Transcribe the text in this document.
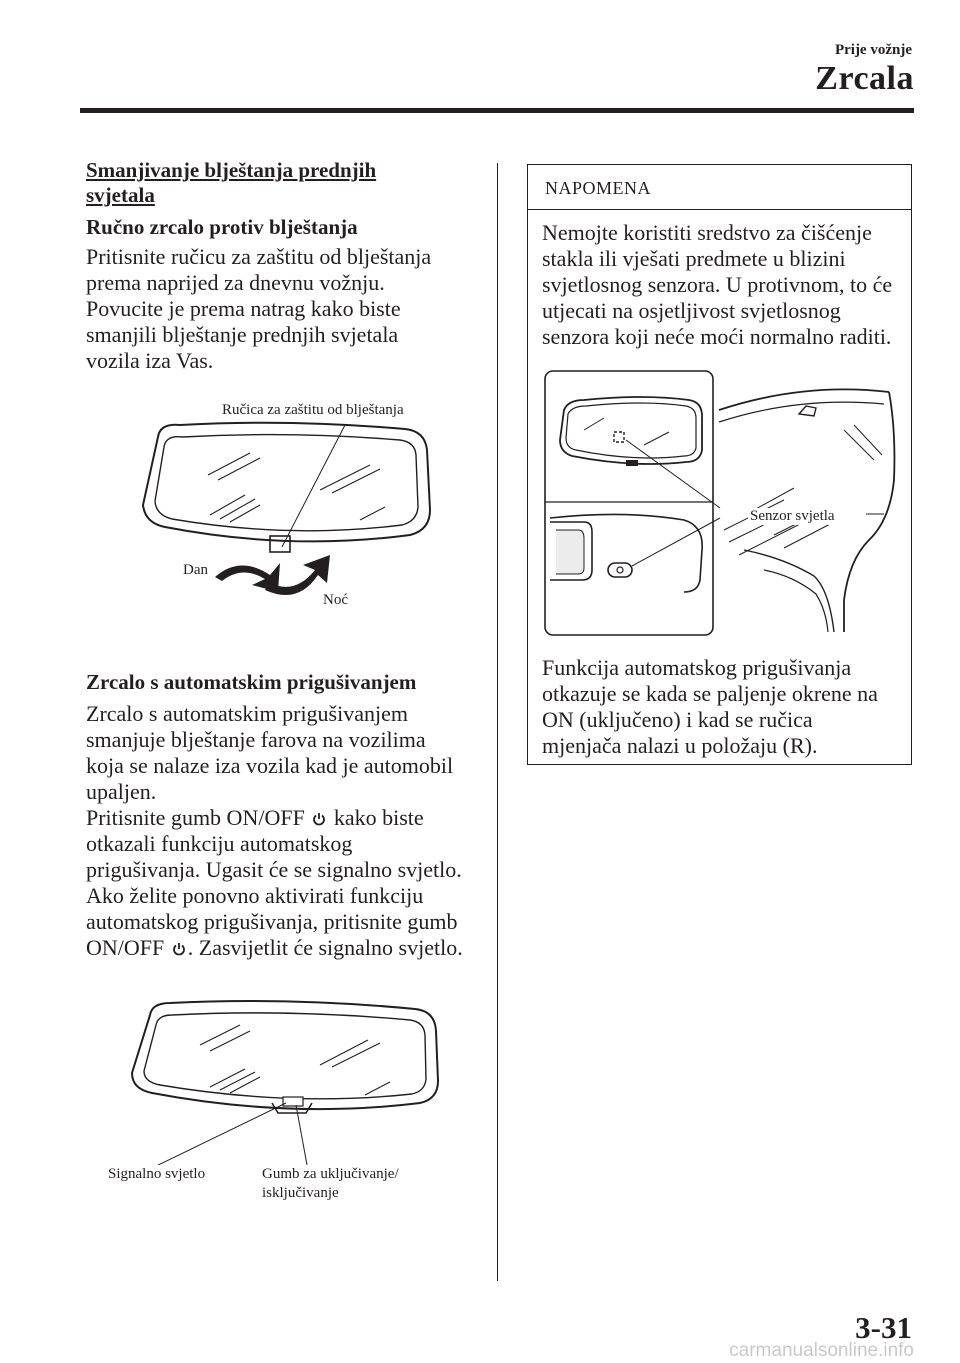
Prije vožnje
Zrcala
Smanjivanje blještanja prednjih svjetala
Ručno zrcalo protiv blještanja
Pritisnite ručicu za zaštitu od blještanja
prema naprijed za dnevnu vožnju.
Povucite je prema natrag kako biste
smanjili blještanje prednjih svjetala
vozila iza Vas.
Ručica za zaštitu od blještanja
Dan
Noć
Zrcalo s automatskim prigušivanjem
Zrcalo s automatskim prigušivanjem
smanjuje blještanje farova na vozilima
koja se nalaze iza vozila kad je automobil
upaljen.
Pritisnite gumb ON/OFF kako biste
otkazali funkciju automatskog
prigušivanja. Ugasit će se signalno svjetlo.
Ako želite ponovno aktivirati funkciju
automatskog prigušivanja, pritisnite gumb
ON/OFF . Zasvijetlit će signalno svjetlo.
Signalno svjetlo	Gumb za uključivanje/
isključivanje
NAPOMENA
Nemojte koristiti sredstvo za čišćenje
stakla ili vješati predmete u blizini
svjetlosnog senzora. U protivnom, to će
utjecati na osjetljivost svjetlosnog
senzora koji neće moći normalno raditi.
Senzor svjetla
Funkcija automatskog prigušivanja
otkazuje se kada se paljenje okrene na
ON (uključeno) i kad se ručica
mjenjača nalazi u položaju (R).
3-31
carmanualsonline.info
